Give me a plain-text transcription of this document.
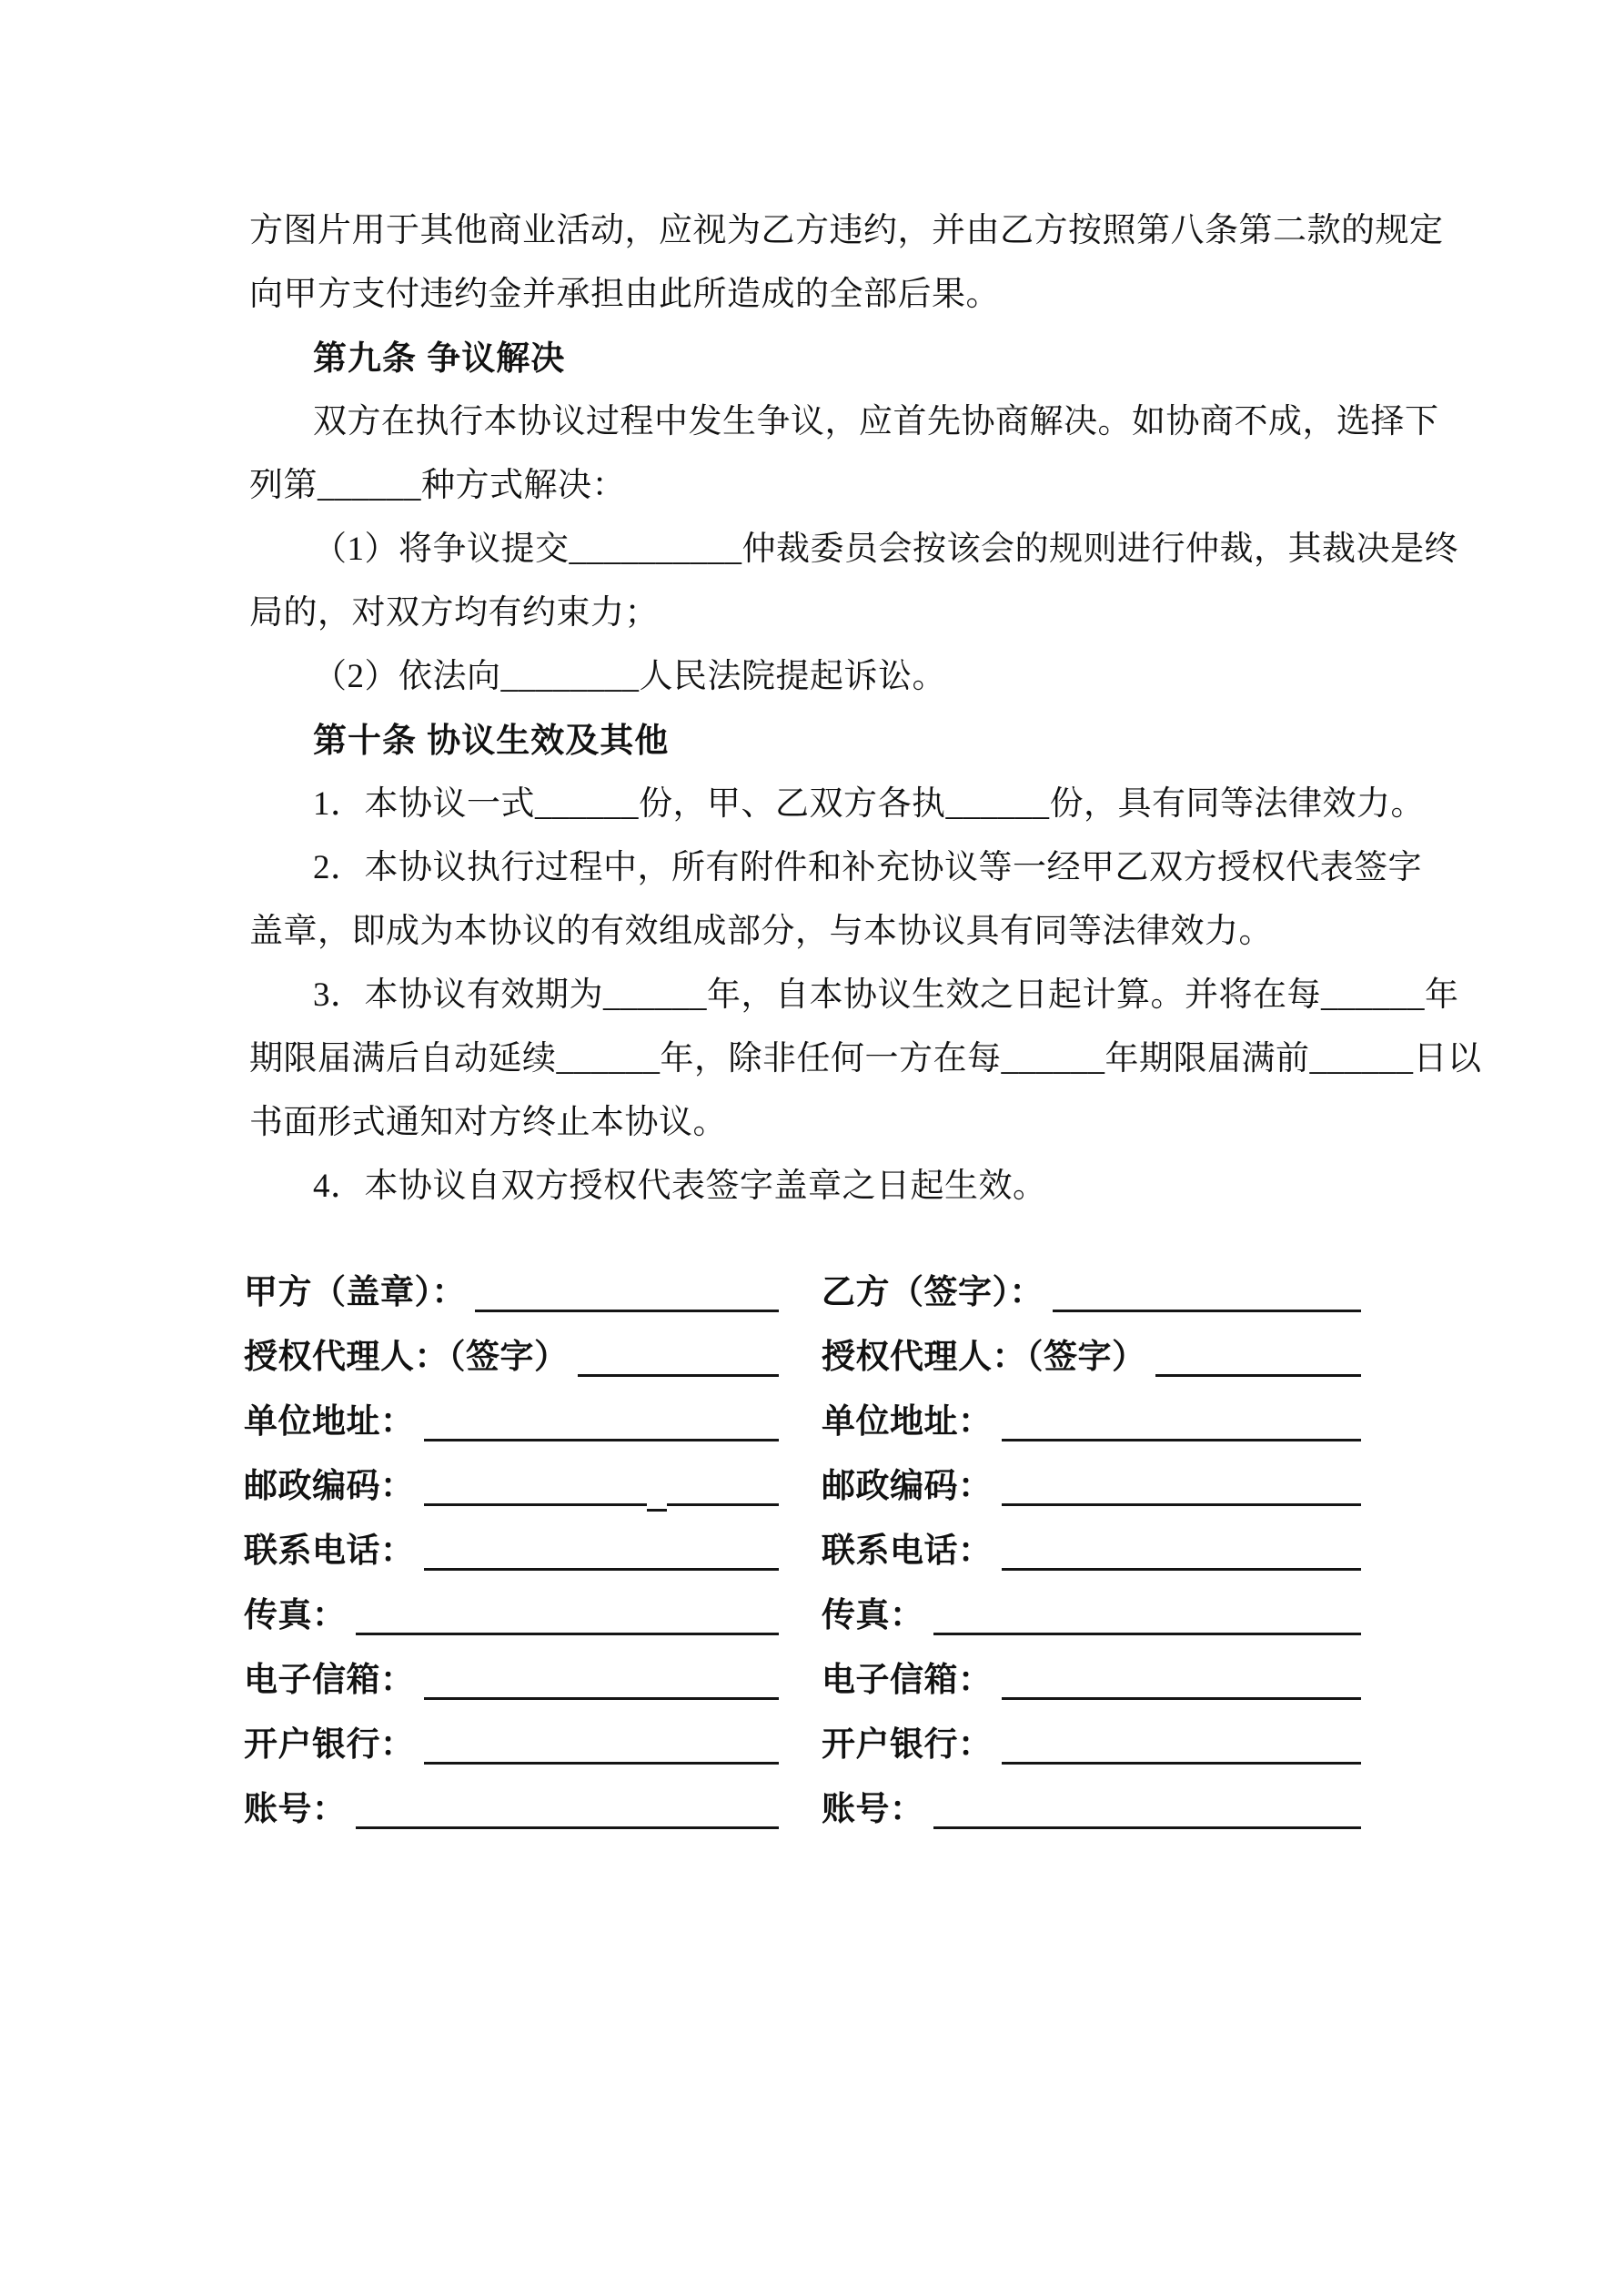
方图片用于其他商业活动，应视为乙方违约，并由乙方按照第八条第二款的规定

向甲方支付违约金并承担由此所造成的全部后果。

第九条 争议解决

双方在执行本协议过程中发生争议，应首先协商解决。如协商不成，选择下

列第______种方式解决：

（1）将争议提交__________仲裁委员会按该会的规则进行仲裁，其裁决是终

局的，对双方均有约束力；

（2）依法向________人民法院提起诉讼。

第十条 协议生效及其他

1．本协议一式______份，甲、乙双方各执______份，具有同等法律效力。

2．本协议执行过程中，所有附件和补充协议等一经甲乙双方授权代表签字

盖章，即成为本协议的有效组成部分，与本协议具有同等法律效力。

3．本协议有效期为______年，自本协议生效之日起计算。并将在每______年

期限届满后自动延续______年，除非任何一方在每______年期限届满前______日以

书面形式通知对方终止本协议。

4．本协议自双方授权代表签字盖章之日起生效。

甲方（盖章）：	乙方（签字）：
授权代理人：（签字）	授权代理人：（签字）
单位地址：	单位地址：
邮政编码：	邮政编码：
联系电话：	联系电话：
传真：	传真：
电子信箱：	电子信箱：
开户银行：	开户银行：
账号：	账号：
